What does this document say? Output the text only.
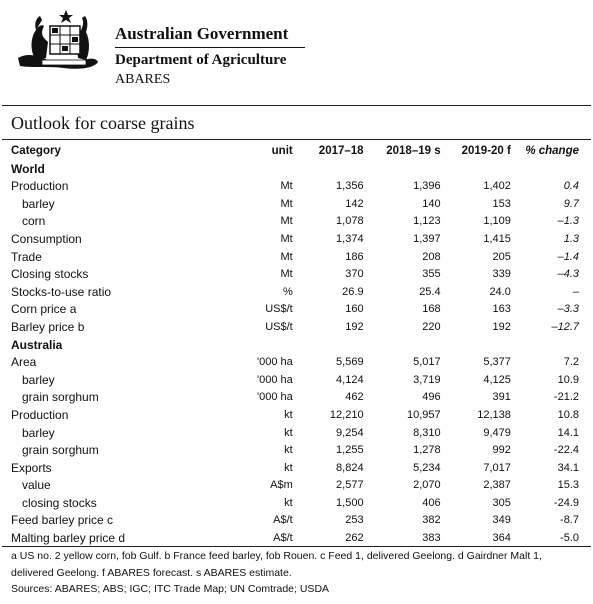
Australian Government
Department of Agriculture
ABARES
Outlook for coarse grains
Category	unit	2017–18	2018–19 s	2019-20 f	% change
World					
Production	Mt	1,356	1,396	1,402	0.4
barley	Mt	142	140	153	9.7
corn	Mt	1,078	1,123	1,109	–1.3
Consumption	Mt	1,374	1,397	1,415	1.3
Trade	Mt	186	208	205	–1.4
Closing stocks	Mt	370	355	339	–4.3
Stocks-to-use ratio	%	26.9	25.4	24.0	–
Corn price a	US$/t	160	168	163	–3.3
Barley price b	US$/t	192	220	192	–12.7
Australia					
Area	'000 ha	5,569	5,017	5,377	7.2
barley	'000 ha	4,124	3,719	4,125	10.9
grain sorghum	'000 ha	462	496	391	-21.2
Production	kt	12,210	10,957	12,138	10.8
barley	kt	9,254	8,310	9,479	14.1
grain sorghum	kt	1,255	1,278	992	-22.4
Exports	kt	8,824	5,234	7,017	34.1
value	A$m	2,577	2,070	2,387	15.3
closing stocks	kt	1,500	406	305	-24.9
Feed barley price c	A$/t	253	382	349	-8.7
Malting barley price d	A$/t	262	383	364	-5.0
a US no. 2 yellow corn, fob Gulf. b France feed barley, fob Rouen. c Feed 1, delivered Geelong. d Gairdner Malt 1,
delivered Geelong. f ABARES forecast. s ABARES estimate.
Sources: ABARES; ABS; IGC; ITC Trade Map; UN Comtrade; USDA
